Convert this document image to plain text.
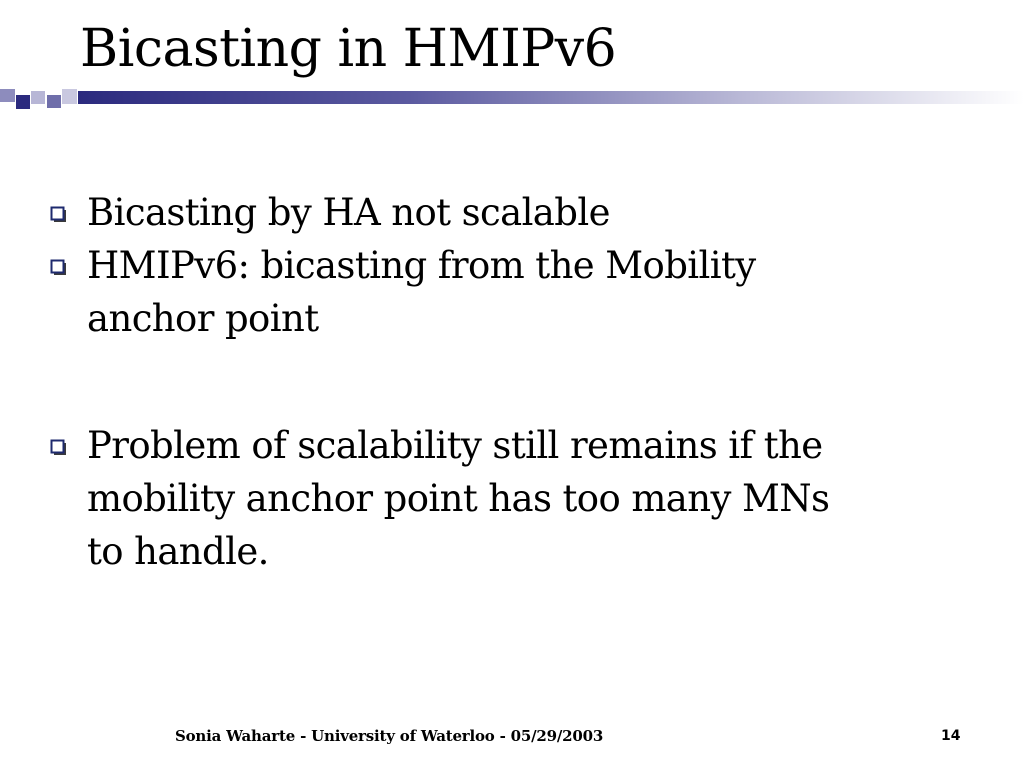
Bicasting in HMIPv6
Bicasting by HA not scalable
HMIPv6: bicasting from the Mobility
anchor point
Problem of scalability still remains if the
mobility anchor point has too many MNs
to handle.
Sonia Waharte - University of Waterloo - 05/29/2003	14
